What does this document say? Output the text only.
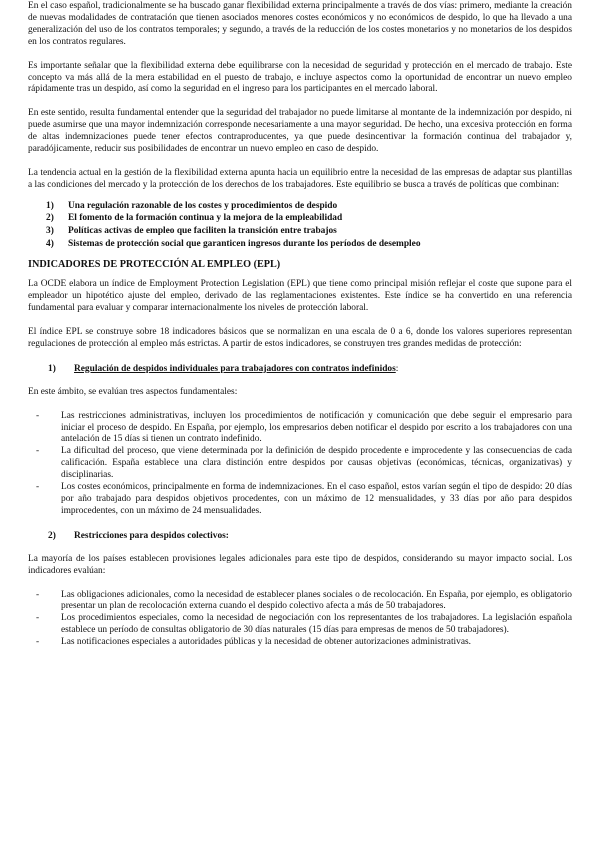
En el caso español, tradicionalmente se ha buscado ganar flexibilidad externa principalmente a través de dos vías: primero, mediante la creación de nuevas modalidades de contratación que tienen asociados menores costes económicos y no económicos de despido, lo que ha llevado a una generalización del uso de los contratos temporales; y segundo, a través de la reducción de los costes monetarios y no monetarios de los despidos en los contratos regulares.

Es importante señalar que la flexibilidad externa debe equilibrarse con la necesidad de seguridad y protección en el mercado de trabajo. Este concepto va más allá de la mera estabilidad en el puesto de trabajo, e incluye aspectos como la oportunidad de encontrar un nuevo empleo rápidamente tras un despido, así como la seguridad en el ingreso para los participantes en el mercado laboral.

En este sentido, resulta fundamental entender que la seguridad del trabajador no puede limitarse al montante de la indemnización por despido, ni puede asumirse que una mayor indemnización corresponde necesariamente a una mayor seguridad. De hecho, una excesiva protección en forma de altas indemnizaciones puede tener efectos contraproducentes, ya que puede desincentivar la formación continua del trabajador y, paradójicamente, reducir sus posibilidades de encontrar un nuevo empleo en caso de despido.

La tendencia actual en la gestión de la flexibilidad externa apunta hacia un equilibrio entre la necesidad de las empresas de adaptar sus plantillas a las condiciones del mercado y la protección de los derechos de los trabajadores. Este equilibrio se busca a través de políticas que combinan:

1)	Una regulación razonable de los costes y procedimientos de despido
2)	El fomento de la formación continua y la mejora de la empleabilidad
3)	Políticas activas de empleo que faciliten la transición entre trabajos
4)	Sistemas de protección social que garanticen ingresos durante los períodos de desempleo
INDICADORES DE PROTECCIÓN AL EMPLEO (EPL)

La OCDE elabora un índice de Employment Protection Legislation (EPL) que tiene como principal misión reflejar el coste que supone para el empleador un hipotético ajuste del empleo, derivado de las reglamentaciones existentes. Este índice se ha convertido en una referencia fundamental para evaluar y comparar internacionalmente los niveles de protección laboral.

El índice EPL se construye sobre 18 indicadores básicos que se normalizan en una escala de 0 a 6, donde los valores superiores representan regulaciones de protección al empleo más estrictas. A partir de estos indicadores, se construyen tres grandes medidas de protección:

1)	Regulación de despidos individuales para trabajadores con contratos indefinidos:

En este ámbito, se evalúan tres aspectos fundamentales:

-	Las restricciones administrativas, incluyen los procedimientos de notificación y comunicación que debe seguir el empresario para iniciar el proceso de despido. En España, por ejemplo, los empresarios deben notificar el despido por escrito a los trabajadores con una antelación de 15 días si tienen un contrato indefinido.
-	La dificultad del proceso, que viene determinada por la definición de despido procedente e improcedente y las consecuencias de cada calificación. España establece una clara distinción entre despidos por causas objetivas (económicas, técnicas, organizativas) y disciplinarias.
-	Los costes económicos, principalmente en forma de indemnizaciones. En el caso español, estos varían según el tipo de despido: 20 días por año trabajado para despidos objetivos procedentes, con un máximo de 12 mensualidades, y 33 días por año para despidos improcedentes, con un máximo de 24 mensualidades.
2)	Restricciones para despidos colectivos:

La mayoría de los países establecen provisiones legales adicionales para este tipo de despidos, considerando su mayor impacto social. Los indicadores evalúan:

-	Las obligaciones adicionales, como la necesidad de establecer planes sociales o de recolocación. En España, por ejemplo, es obligatorio presentar un plan de recolocación externa cuando el despido colectivo afecta a más de 50 trabajadores.
-	Los procedimientos especiales, como la necesidad de negociación con los representantes de los trabajadores. La legislación española establece un período de consultas obligatorio de 30 días naturales (15 días para empresas de menos de 50 trabajadores).
-	Las notificaciones especiales a autoridades públicas y la necesidad de obtener autorizaciones administrativas.
